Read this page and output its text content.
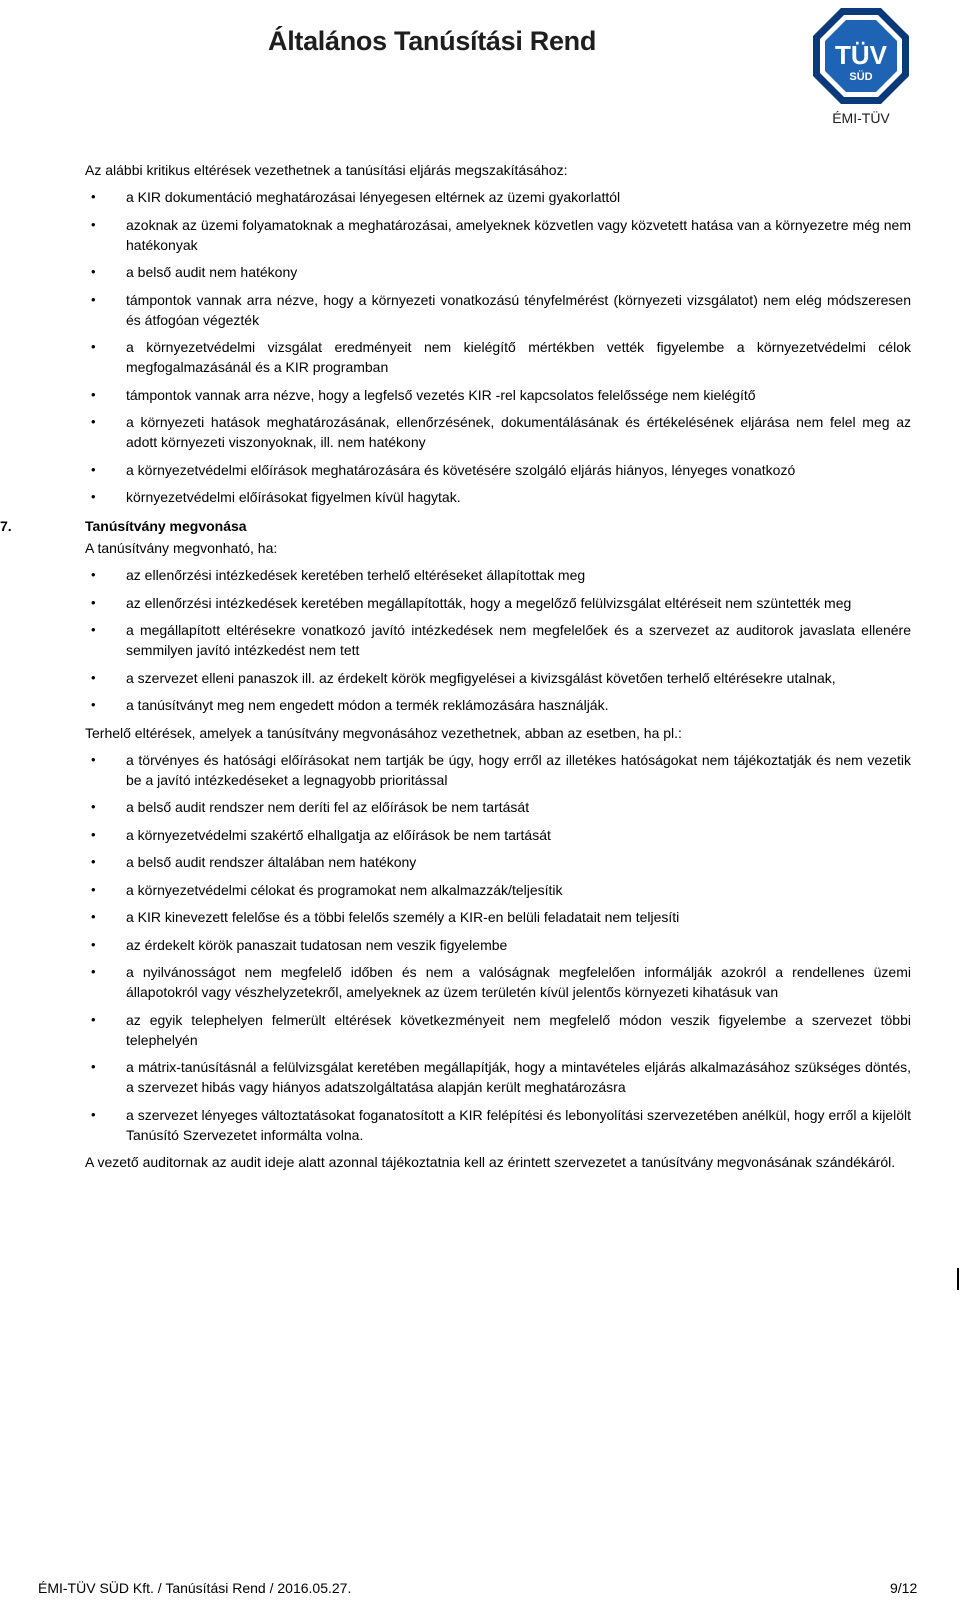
Általános Tanúsítási Rend	TÜV
SÜD
ÉMI-TÜV

Az alábbi kritikus eltérések vezethetnek a tanúsítási eljárás megszakításához:

• a KIR dokumentáció meghatározásai lényegesen eltérnek az üzemi gyakorlattól
• azoknak az üzemi folyamatoknak a meghatározásai, amelyeknek közvetlen vagy közvetett hatása van a környezetre még nem hatékonyak
• a belső audit nem hatékony
• támpontok vannak arra nézve, hogy a környezeti vonatkozású tényfelmérést (környezeti vizsgálatot) nem elég módszeresen és átfogóan végezték
• a környezetvédelmi vizsgálat eredményeit nem kielégítő mértékben vették figyelembe a környezetvédelmi célok megfogalmazásánál és a KIR programban
• támpontok vannak arra nézve, hogy a legfelső vezetés KIR -rel kapcsolatos felelőssége nem kielégítő
• a környezeti hatások meghatározásának, ellenőrzésének, dokumentálásának és értékelésének eljárása nem felel meg az adott környezeti viszonyoknak, ill. nem hatékony
• a környezetvédelmi előírások meghatározására és követésére szolgáló eljárás hiányos, lényeges vonatkozó
• környezetvédelmi előírásokat figyelmen kívül hagytak.
7.	Tanúsítvány megvonása

A tanúsítvány megvonható, ha:

• az ellenőrzési intézkedések keretében terhelő eltéréseket állapítottak meg
• az ellenőrzési intézkedések keretében megállapították, hogy a megelőző felülvizsgálat eltéréseit nem szüntették meg
• a megállapított eltérésekre vonatkozó javító intézkedések nem megfelelőek és a szervezet az auditorok javaslata ellenére semmilyen javító intézkedést nem tett
• a szervezet elleni panaszok ill. az érdekelt körök megfigyelései a kivizsgálást követően terhelő eltérésekre utalnak,
• a tanúsítványt meg nem engedett módon a termék reklámozására használják.

Terhelő eltérések, amelyek a tanúsítvány megvonásához vezethetnek, abban az esetben, ha pl.:

• a törvényes és hatósági előírásokat nem tartják be úgy, hogy erről az illetékes hatóságokat nem tájékoztatják és nem vezetik be a javító intézkedéseket a legnagyobb prioritással
• a belső audit rendszer nem deríti fel az előírások be nem tartását
• a környezetvédelmi szakértő elhallgatja az előírások be nem tartását
• a belső audit rendszer általában nem hatékony
• a környezetvédelmi célokat és programokat nem alkalmazzák/teljesítik
• a KIR kinevezett felelőse és a többi felelős személy a KIR-en belüli feladatait nem teljesíti
• az érdekelt körök panaszait tudatosan nem veszik figyelembe
• a nyilvánosságot nem megfelelő időben és nem a valóságnak megfelelően informálják azokról a rendellenes üzemi állapotokról vagy vészhelyzetekről, amelyeknek az üzem területén kívül jelentős környezeti kihatásuk van
• az egyik telephelyen felmerült eltérések következményeit nem megfelelő módon veszik figyelembe a szervezet többi telephelyén
• a mátrix-tanúsításnál a felülvizsgálat keretében megállapítják, hogy a mintavételes eljárás alkalmazásához szükséges döntés, a szervezet hibás vagy hiányos adatszolgáltatása alapján került meghatározásra
• a szervezet lényeges változtatásokat foganatosított a KIR felépítési és lebonyolítási szervezetében anélkül, hogy erről a kijelölt Tanúsító Szervezetet informálta volna.

A vezető auditornak az audit ideje alatt azonnal tájékoztatnia kell az érintett szervezetet a tanúsítvány megvonásának szándékáról.

ÉMI-TÜV SÜD Kft. / Tanúsítási Rend / 2016.05.27.	9/12
